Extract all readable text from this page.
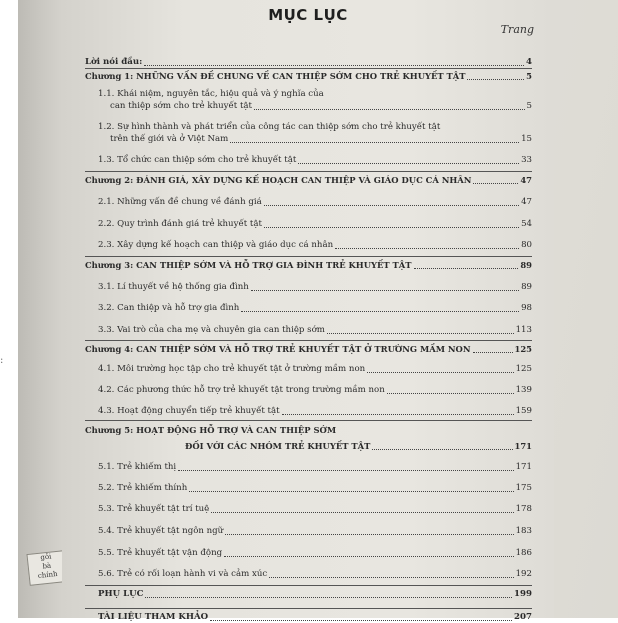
:
gỏi
bà
chính
MỤC LỤC
Trang
Lời nói đầu:	4
Chương 1: NHỮNG VẤN ĐỀ CHUNG VỀ CAN THIỆP SỚM CHO TRẺ KHUYẾT TẬT	5
1.1. Khái niệm, nguyên tắc, hiệu quả và ý nghĩa của
can thiệp sớm cho trẻ khuyết tật	5
1.2. Sự hình thành và phát triển của công tác can thiệp sớm cho trẻ khuyết tật
trên thế giới và ở Việt Nam	15
1.3. Tổ chức can thiệp sớm cho trẻ khuyết tật	33
Chương 2: ĐÁNH GIÁ, XÂY DỰNG KẾ HOẠCH CAN THIỆP VÀ GIÁO DỤC CÁ NHÂN	47
2.1. Những vấn đề chung về đánh giá	47
2.2. Quy trình đánh giá trẻ khuyết tật	54
2.3. Xây dựng kế hoạch can thiệp và giáo dục cá nhân	80
Chương 3: CAN THIỆP SỚM VÀ HỖ TRỢ GIA ĐÌNH TRẺ KHUYẾT TẬT	89
3.1. Lí thuyết về hệ thống gia đình	89
3.2. Can thiệp và hỗ trợ gia đình	98
3.3. Vai trò của cha mẹ và chuyên gia can thiệp sớm	113
Chương 4: CAN THIỆP SỚM VÀ HỖ TRỢ TRẺ KHUYẾT TẬT Ở TRƯỜNG MẦM NON	125
4.1. Môi trường học tập cho trẻ khuyết tật ở trường mầm non	125
4.2. Các phương thức hỗ trợ trẻ khuyết tật trong trường mầm non	139
4.3. Hoạt động chuyển tiếp trẻ khuyết tật	159
Chương 5: HOẠT ĐỘNG HỖ TRỢ VÀ CAN THIỆP SỚM
ĐỐI VỚI CÁC NHÓM TRẺ KHUYẾT TẬT	171
5.1. Trẻ khiếm thị	171
5.2. Trẻ khiếm thính	175
5.3. Trẻ khuyết tật trí tuệ	178
5.4. Trẻ khuyết tật ngôn ngữ	183
5.5. Trẻ khuyết tật vận động	186
5.6. Trẻ có rối loạn hành vi và cảm xúc	192
PHỤ LỤC	199
TÀI LIỆU THAM KHẢO	207
